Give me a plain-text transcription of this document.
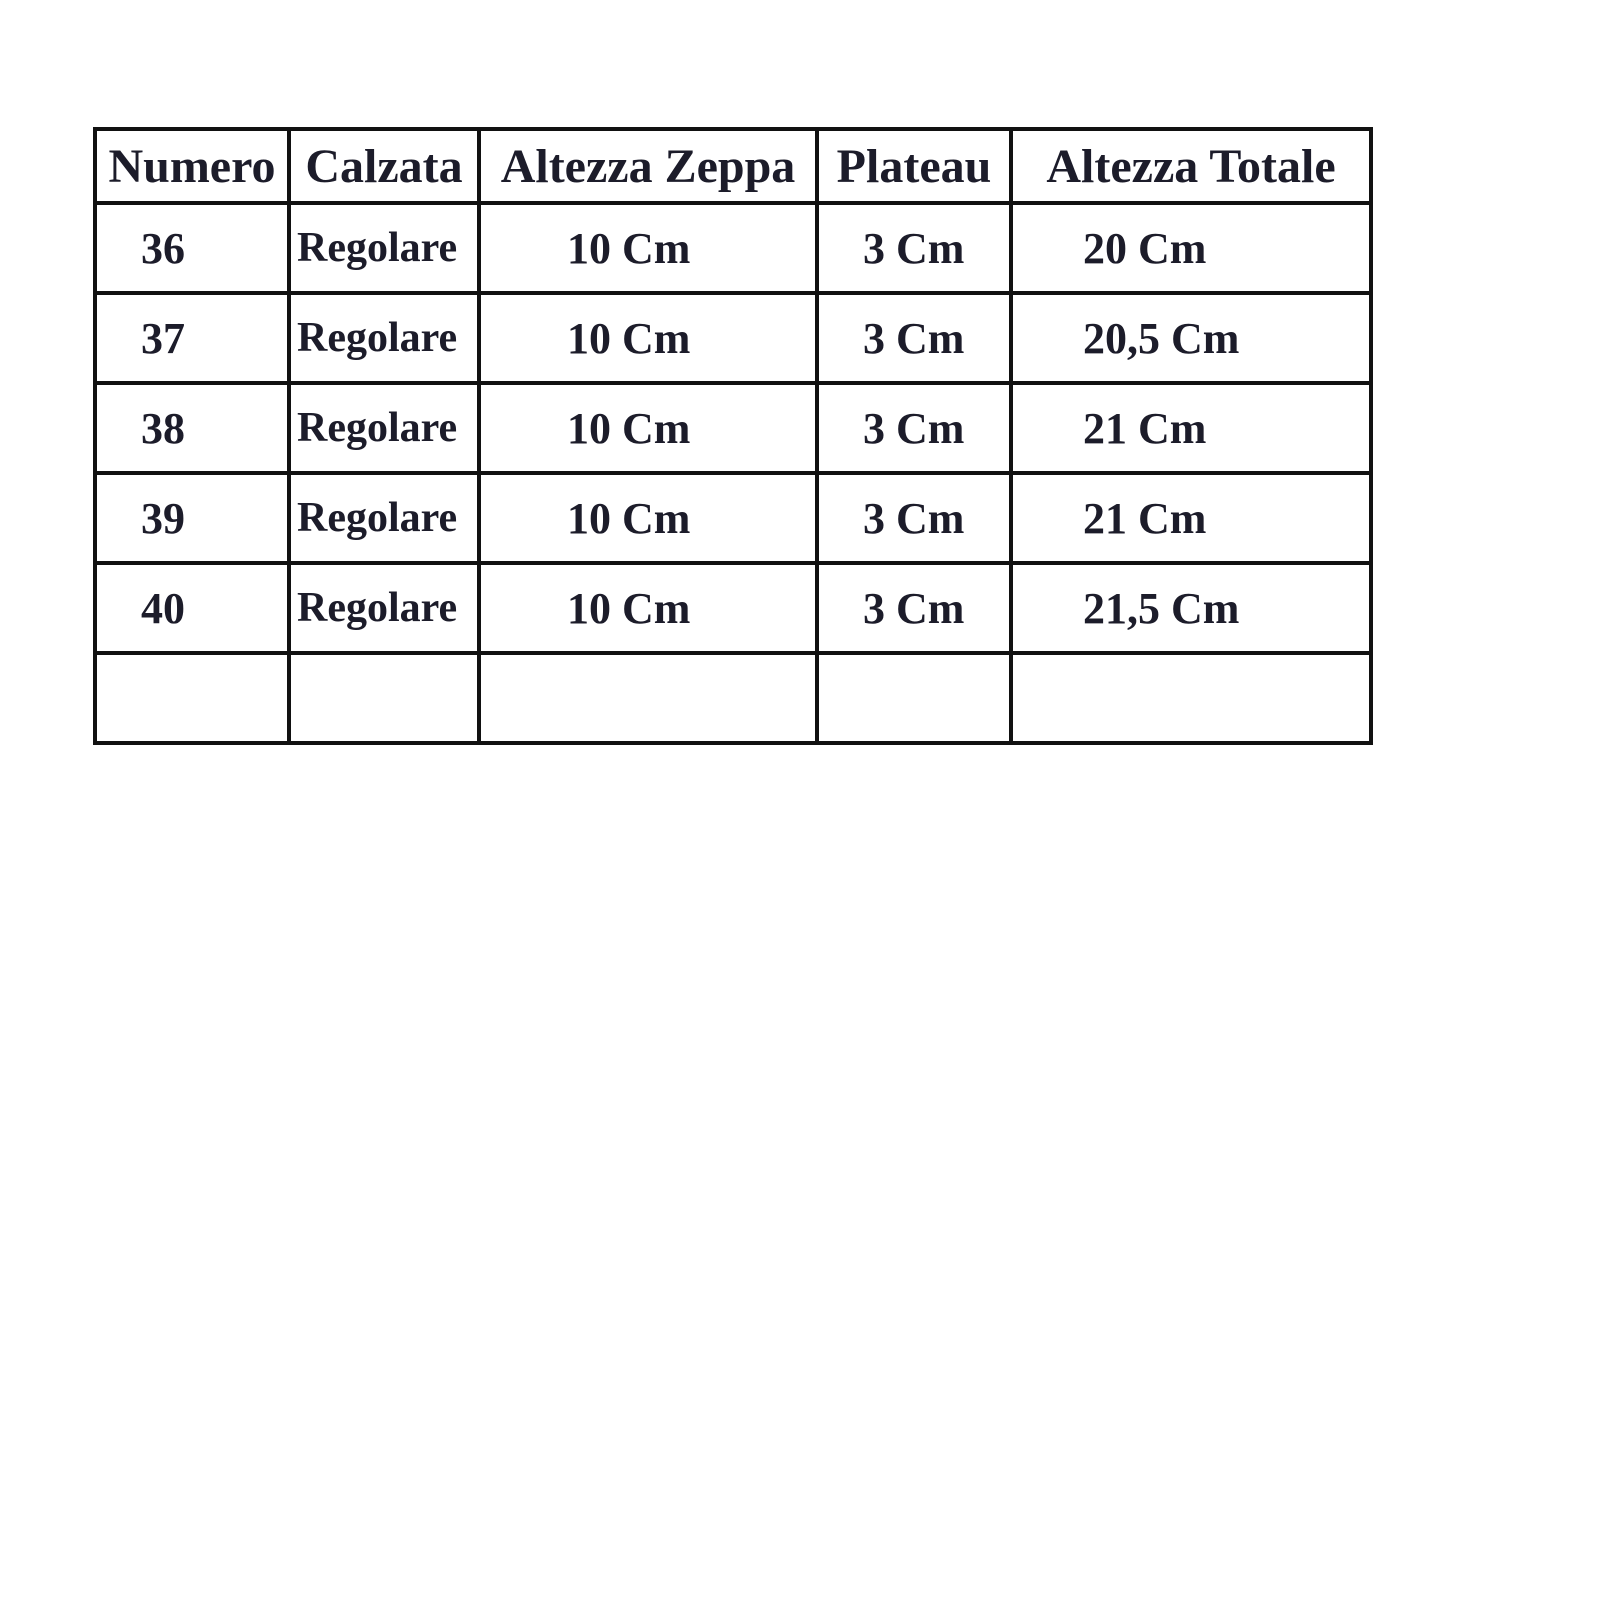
Numero	Calzata	Altezza Zeppa	Plateau	Altezza Totale
36	Regolare	10 Cm	3 Cm	20 Cm
37	Regolare	10 Cm	3 Cm	20,5 Cm
38	Regolare	10 Cm	3 Cm	21 Cm
39	Regolare	10 Cm	3 Cm	21 Cm
40	Regolare	10 Cm	3 Cm	21,5 Cm
